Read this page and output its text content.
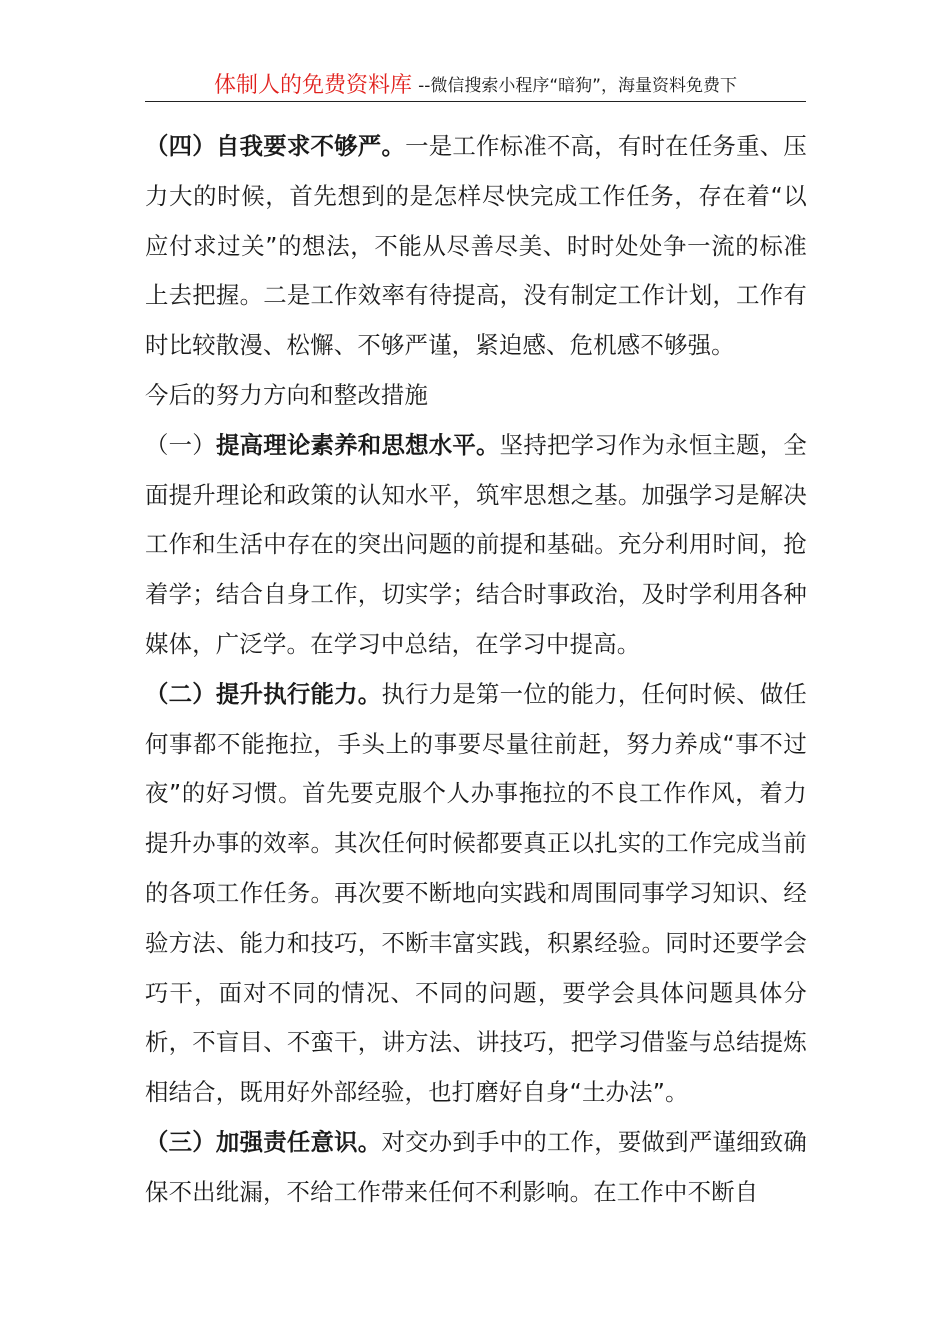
体制人的免费资料库 --微信搜索小程序“暗狗”，海量资料免费下

（四）自我要求不够严。一是工作标准不高，有时在任务重、压力大的时候，首先想到的是怎样尽快完成工作任务，存在着“以应付求过关”的想法，不能从尽善尽美、时时处处争一流的标准上去把握。二是工作效率有待提高，没有制定工作计划，工作有时比较散漫、松懈、不够严谨，紧迫感、危机感不够强。

今后的努力方向和整改措施

（一）提高理论素养和思想水平。坚持把学习作为永恒主题，全面提升理论和政策的认知水平，筑牢思想之基。加强学习是解决工作和生活中存在的突出问题的前提和基础。充分利用时间，抢着学；结合自身工作，切实学；结合时事政治，及时学利用各种媒体，广泛学。在学习中总结，在学习中提高。

（二）提升执行能力。执行力是第一位的能力，任何时候、做任何事都不能拖拉，手头上的事要尽量往前赶，努力养成“事不过夜”的好习惯。首先要克服个人办事拖拉的不良工作作风，着力提升办事的效率。其次任何时候都要真正以扎实的工作完成当前的各项工作任务。再次要不断地向实践和周围同事学习知识、经验方法、能力和技巧，不断丰富实践，积累经验。同时还要学会巧干，面对不同的情况、不同的问题，要学会具体问题具体分析，不盲目、不蛮干，讲方法、讲技巧，把学习借鉴与总结提炼相结合，既用好外部经验，也打磨好自身“土办法”。

（三）加强责任意识。对交办到手中的工作，要做到严谨细致确保不出纰漏，不给工作带来任何不利影响。在工作中不断自
